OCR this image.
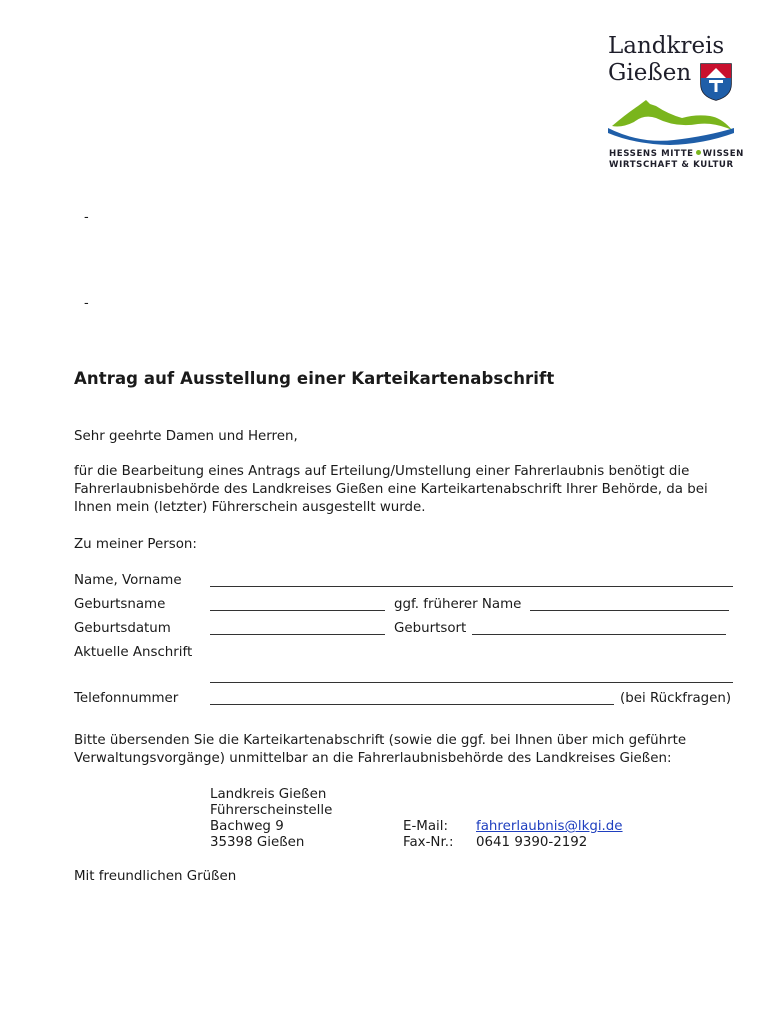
Landkreis
Gießen
HESSENS MITTE WISSEN
WIRTSCHAFT & KULTUR
-
-
Antrag auf Ausstellung einer Karteikartenabschrift
Sehr geehrte Damen und Herren,
für die Bearbeitung eines Antrags auf Erteilung/Umstellung einer Fahrerlaubnis benötigt die
Fahrerlaubnisbehörde des Landkreises Gießen eine Karteikartenabschrift Ihrer Behörde, da bei
Ihnen mein (letzter) Führerschein ausgestellt wurde.
Zu meiner Person:
Name, Vorname
Geburtsname	ggf. früherer Name
Geburtsdatum	Geburtsort
Aktuelle Anschrift
Telefonnummer	(bei Rückfragen)
Bitte übersenden Sie die Karteikartenabschrift (sowie die ggf. bei Ihnen über mich geführte
Verwaltungsvorgänge) unmittelbar an die Fahrerlaubnisbehörde des Landkreises Gießen:
Landkreis Gießen
Führerscheinstelle
Bachweg 9
35398 Gießen
E-Mail: fahrerlaubnis@lkgi.de
Fax-Nr.: 0641 9390-2192
Mit freundlichen Grüßen
